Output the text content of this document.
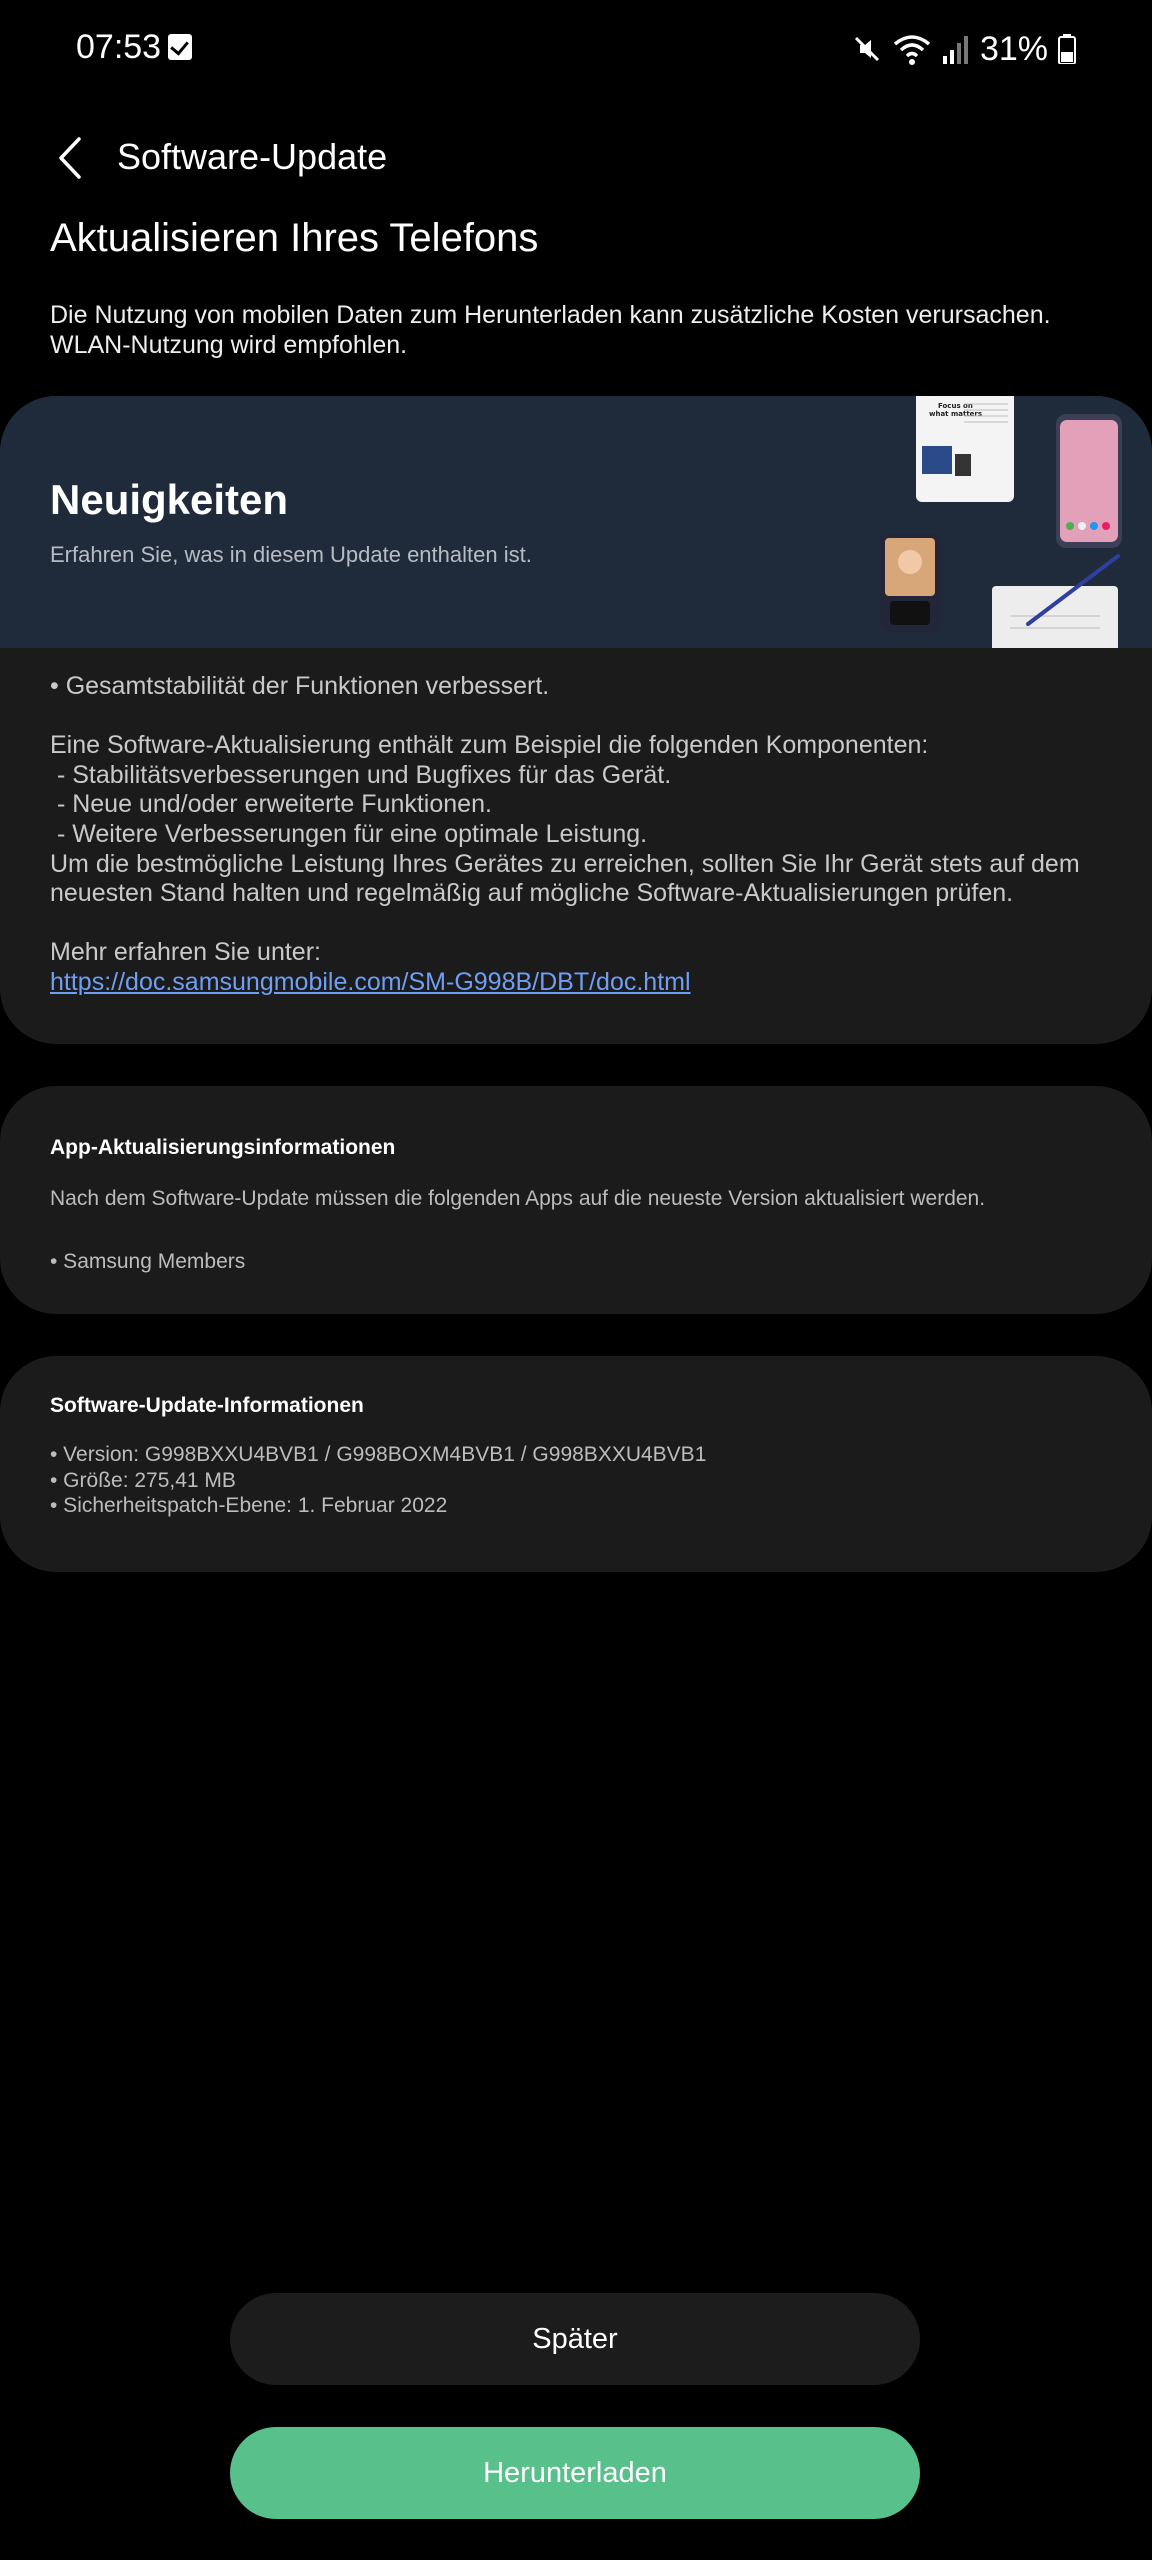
07:53	31%
Software-Update
Aktualisieren Ihres Telefons
Die Nutzung von mobilen Daten zum Herunterladen kann zusätzliche Kosten verursachen.
WLAN-Nutzung wird empfohlen.
Neuigkeiten
Erfahren Sie, was in diesem Update enthalten ist.
Focus on
what matters
• Gesamtstabilität der Funktionen verbessert.

Eine Software-Aktualisierung enthält zum Beispiel die folgenden Komponenten:
- Stabilitätsverbesserungen und Bugfixes für das Gerät.
- Neue und/oder erweiterte Funktionen.
- Weitere Verbesserungen für eine optimale Leistung.
Um die bestmögliche Leistung Ihres Gerätes zu erreichen, sollten Sie Ihr Gerät stets auf dem
neuesten Stand halten und regelmäßig auf mögliche Software-Aktualisierungen prüfen.

Mehr erfahren Sie unter:
https://doc.samsungmobile.com/SM-G998B/DBT/doc.html
App-Aktualisierungsinformationen
Nach dem Software-Update müssen die folgenden Apps auf die neueste Version aktualisiert werden.
• Samsung Members
Software-Update-Informationen
• Version: G998BXXU4BVB1 / G998BOXM4BVB1 / G998BXXU4BVB1
• Größe: 275,41 MB
• Sicherheitspatch-Ebene: 1. Februar 2022
Später
Herunterladen
